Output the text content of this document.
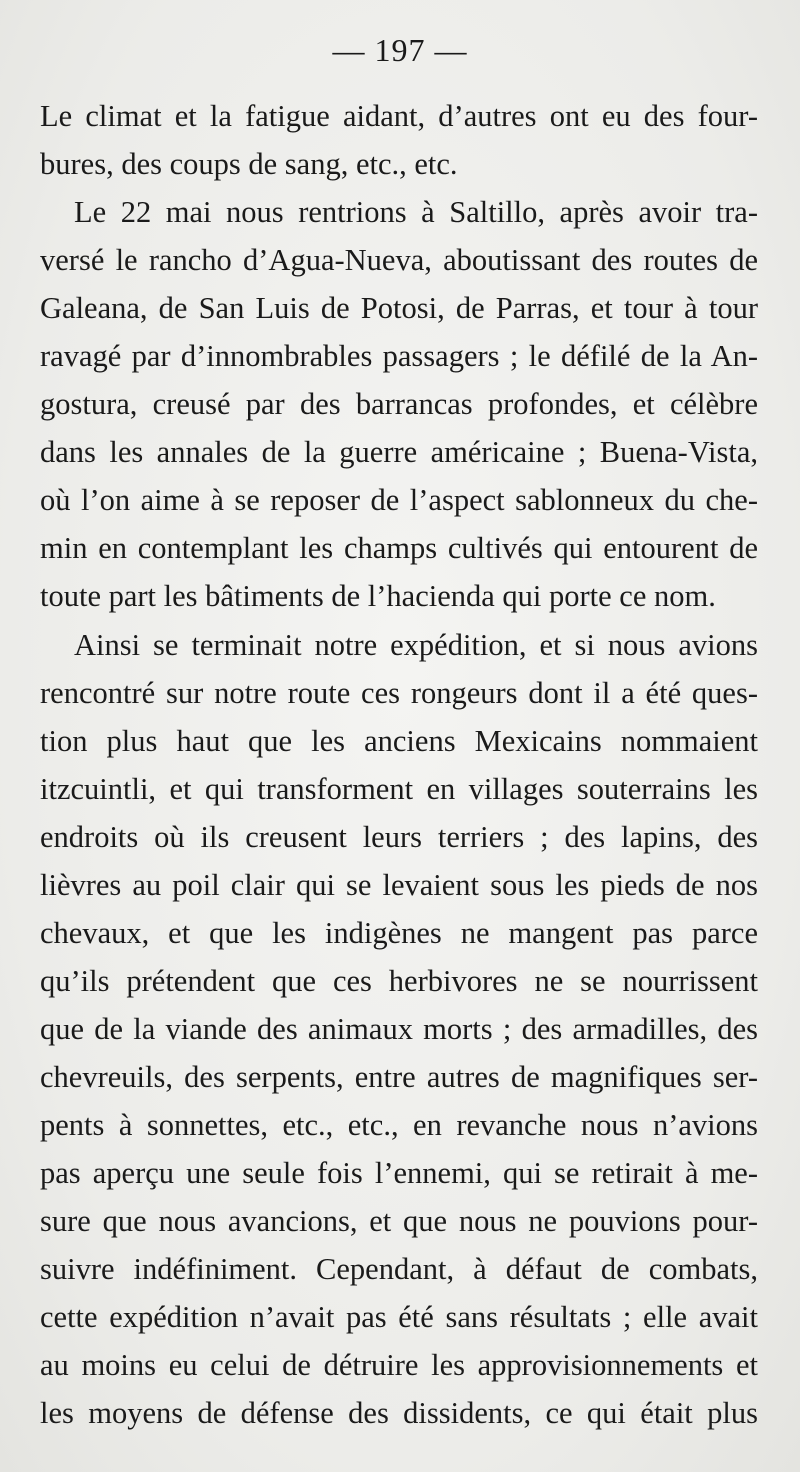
— 197 —
Le climat et la fatigue aidant, d’autres ont eu des four-
bures, des coups de sang, etc., etc.
Le 22 mai nous rentrions à Saltillo, après avoir tra-
versé le rancho d’Agua-Nueva, aboutissant des routes de
Galeana, de San Luis de Potosi, de Parras, et tour à tour
ravagé par d’innombrables passagers ; le défilé de la An-
gostura, creusé par des barrancas profondes, et célèbre
dans les annales de la guerre américaine ; Buena-Vista,
où l’on aime à se reposer de l’aspect sablonneux du che-
min en contemplant les champs cultivés qui entourent de
toute part les bâtiments de l’hacienda qui porte ce nom.
Ainsi se terminait notre expédition, et si nous avions
rencontré sur notre route ces rongeurs dont il a été ques-
tion plus haut que les anciens Mexicains nommaient
itzcuintli, et qui transforment en villages souterrains les
endroits où ils creusent leurs terriers ; des lapins, des
lièvres au poil clair qui se levaient sous les pieds de nos
chevaux, et que les indigènes ne mangent pas parce
qu’ils prétendent que ces herbivores ne se nourrissent
que de la viande des animaux morts ; des armadilles, des
chevreuils, des serpents, entre autres de magnifiques ser-
pents à sonnettes, etc., etc., en revanche nous n’avions
pas aperçu une seule fois l’ennemi, qui se retirait à me-
sure que nous avancions, et que nous ne pouvions pour-
suivre indéfiniment. Cependant, à défaut de combats,
cette expédition n’avait pas été sans résultats ; elle avait
au moins eu celui de détruire les approvisionnements et
les moyens de défense des dissidents, ce qui était plus
